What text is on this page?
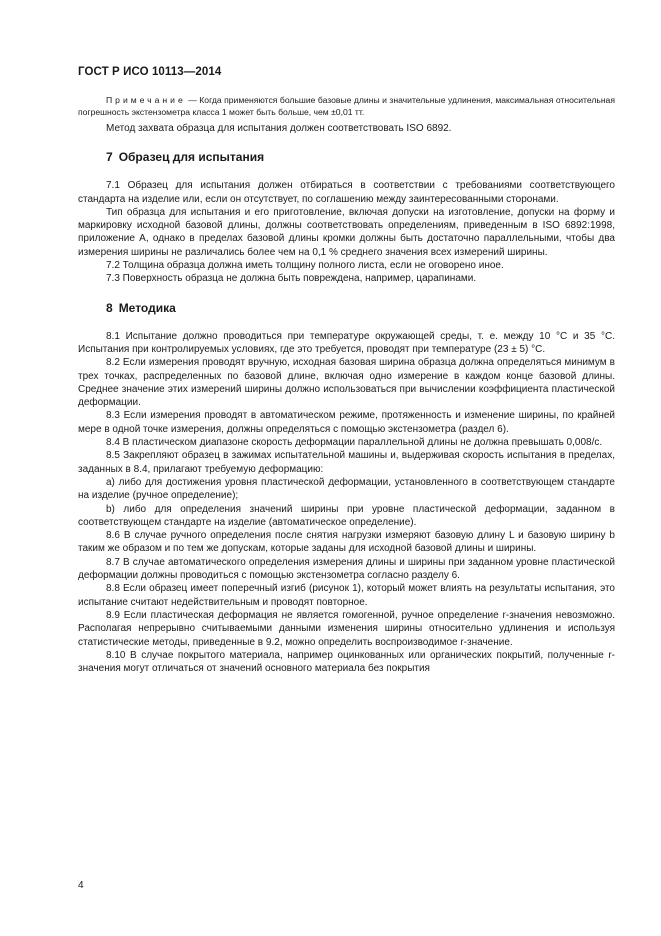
ГОСТ Р ИСО 10113—2014

Примечание — Когда применяются большие базовые длины и значительные удлинения, максимальная относительная погрешность экстензометра класса 1 может быть больше, чем ±0,01 тт.

Метод захвата образца для испытания должен соответствовать ISO 6892.

7 Образец для испытания

7.1 Образец для испытания должен отбираться в соответствии с требованиями соответствующего стандарта на изделие или, если он отсутствует, по соглашению между заинтересованными сторонами.

Тип образца для испытания и его приготовление, включая допуски на изготовление, допуски на форму и маркировку исходной базовой длины, должны соответствовать определениям, приведенным в ISO 6892:1998, приложение А, однако в пределах базовой длины кромки должны быть достаточно параллельными, чтобы два измерения ширины не различались более чем на 0,1 % среднего значения всех измерений ширины.

7.2 Толщина образца должна иметь толщину полного листа, если не оговорено иное.

7.3 Поверхность образца не должна быть повреждена, например, царапинами.

8 Методика

8.1 Испытание должно проводиться при температуре окружающей среды, т. е. между 10 °С и 35 °С. Испытания при контролируемых условиях, где это требуется, проводят при температуре (23 ± 5) °С.

8.2 Если измерения проводят вручную, исходная базовая ширина образца должна определяться минимум в трех точках, распределенных по базовой длине, включая одно измерение в каждом конце базовой длины. Среднее значение этих измерений ширины должно использоваться при вычислении коэффициента пластической деформации.

8.3 Если измерения проводят в автоматическом режиме, протяженность и изменение ширины, по крайней мере в одной точке измерения, должны определяться с помощью экстензометра (раздел 6).

8.4 В пластическом диапазоне скорость деформации параллельной длины не должна превышать 0,008/с.

8.5 Закрепляют образец в зажимах испытательной машины и, выдерживая скорость испытания в пределах, заданных в 8.4, прилагают требуемую деформацию:

a) либо для достижения уровня пластической деформации, установленного в соответствующем стандарте на изделие (ручное определение);

b) либо для определения значений ширины при уровне пластической деформации, заданном в соответствующем стандарте на изделие (автоматическое определение).

8.6 В случае ручного определения после снятия нагрузки измеряют базовую длину L и базовую ширину b таким же образом и по тем же допускам, которые заданы для исходной базовой длины и ширины.

8.7 В случае автоматического определения измерения длины и ширины при заданном уровне пластической деформации должны проводиться с помощью экстензометра согласно разделу 6.

8.8 Если образец имеет поперечный изгиб (рисунок 1), который может влиять на результаты испытания, это испытание считают недействительным и проводят повторное.

8.9 Если пластическая деформация не является гомогенной, ручное определение r-значения невозможно. Располагая непрерывно считываемыми данными изменения ширины относительно удлинения и используя статистические методы, приведенные в 9.2, можно определить воспроизводимое r-значение.

8.10 В случае покрытого материала, например оцинкованных или органических покрытий, полученные r-значения могут отличаться от значений основного материала без покрытия

4
